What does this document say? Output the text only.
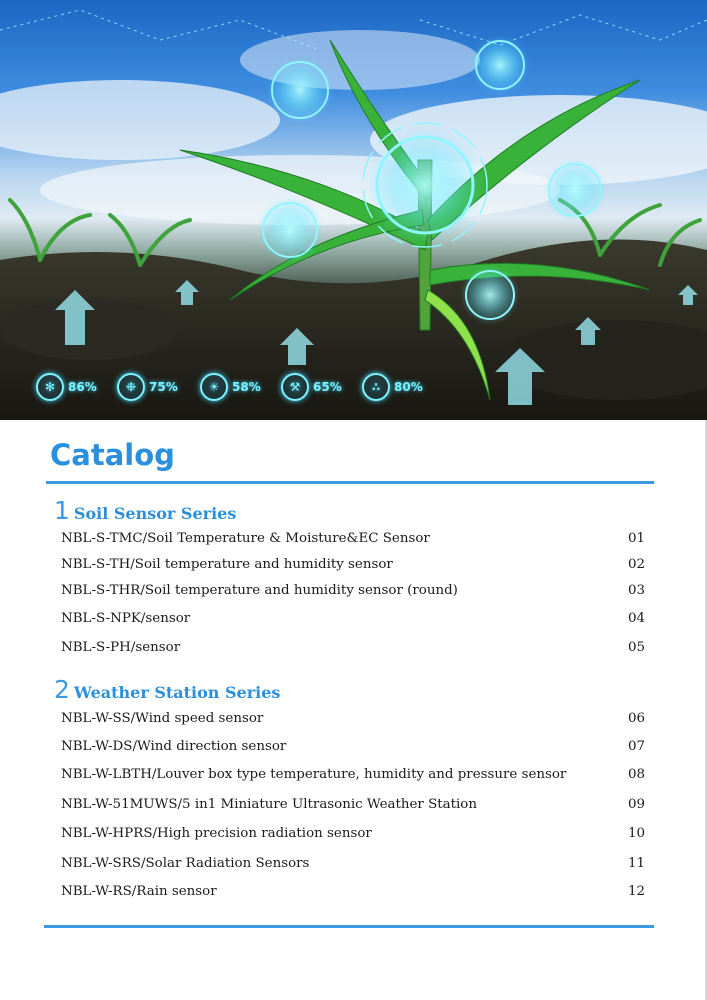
✻	86%	❉	75%	☀	58%	⚒	65%	∴	80%
Catalog
1 Soil Sensor Series
NBL-S-TMC/Soil Temperature & Moisture&EC Sensor	01
NBL-S-TH/Soil temperature and humidity sensor	02
NBL-S-THR/Soil temperature and humidity sensor (round)	03
NBL-S-NPK/sensor	04
NBL-S-PH/sensor	05
2 Weather Station Series
NBL-W-SS/Wind speed sensor	06
NBL-W-DS/Wind direction sensor	07
NBL-W-LBTH/Louver box type temperature, humidity and pressure sensor	08
NBL-W-51MUWS/5 in1 Miniature Ultrasonic Weather Station	09
NBL-W-HPRS/High precision radiation sensor	10
NBL-W-SRS/Solar Radiation Sensors	11
NBL-W-RS/Rain sensor	12
